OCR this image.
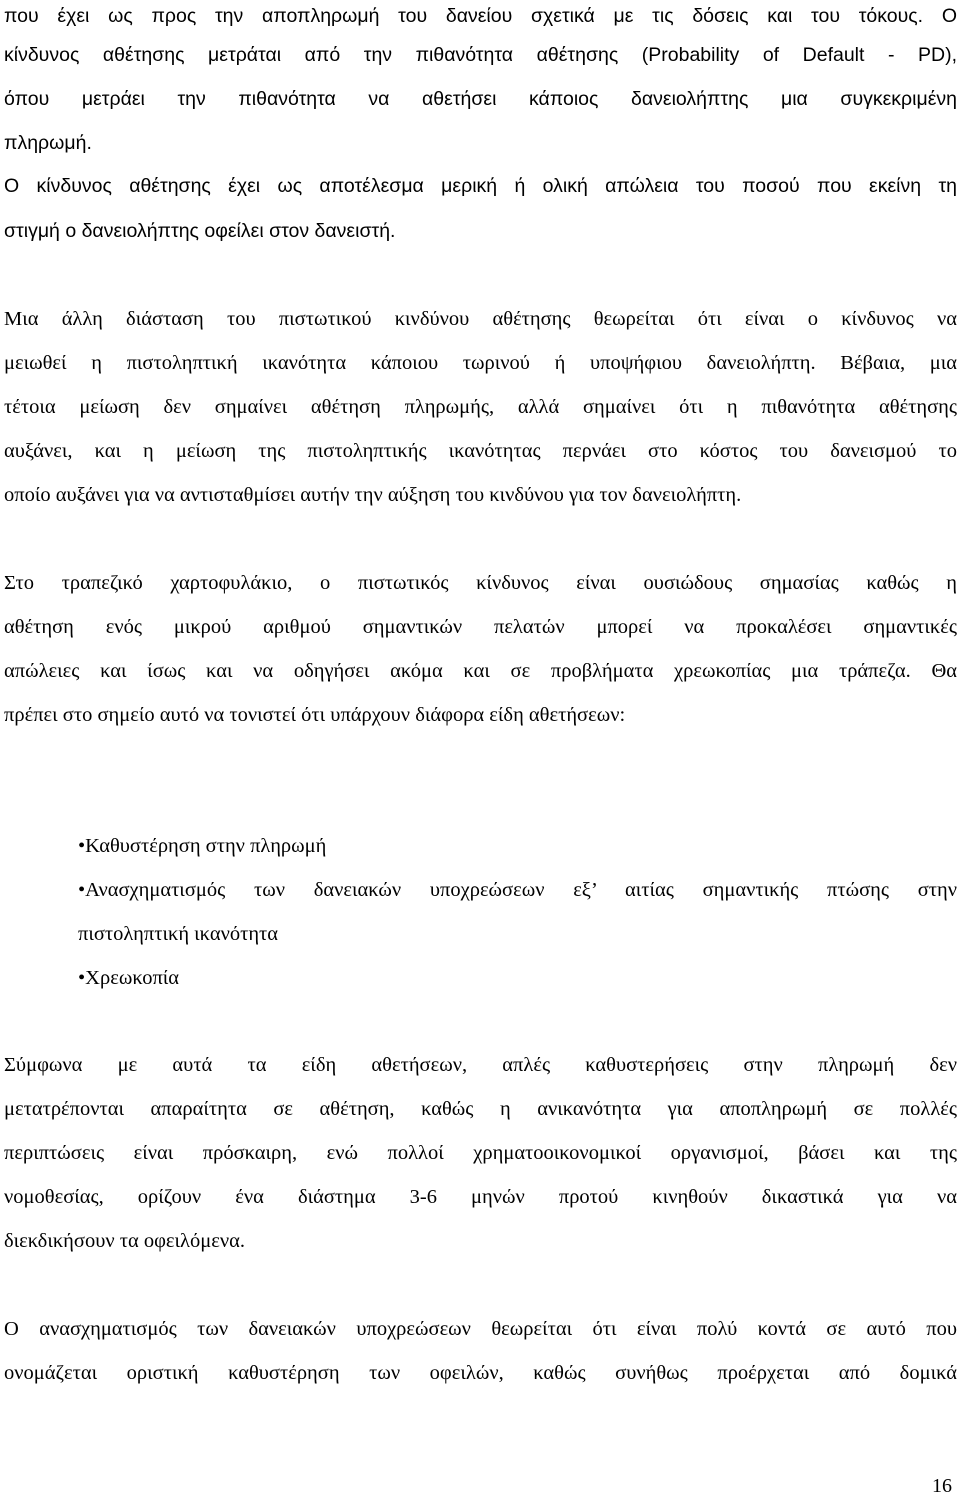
που έχει ως προς την αποπληρωμή του δανείου σχετικά με τις δόσεις και του τόκους. Ο
κίνδυνος αθέτησης μετράται από την πιθανότητα αθέτησης (Probability of Default - PD),
όπου μετράει την πιθανότητα να αθετήσει κάποιος δανειολήπτης μια συγκεκριμένη
πληρωμή.
Ο κίνδυνος αθέτησης έχει ως αποτέλεσμα μερική ή ολική απώλεια του ποσού που εκείνη τη
στιγμή ο δανειολήπτης οφείλει στον δανειστή.
Μια άλλη διάσταση του πιστωτικού κινδύνου αθέτησης θεωρείται ότι είναι ο κίνδυνος να
μειωθεί η πιστοληπτική ικανότητα κάποιου τωρινού ή υποψήφιου δανειολήπτη. Βέβαια, μια
τέτοια μείωση δεν σημαίνει αθέτηση πληρωμής, αλλά σημαίνει ότι η πιθανότητα αθέτησης
αυξάνει, και η μείωση της πιστοληπτικής ικανότητας περνάει στο κόστος του δανεισμού το
οποίο αυξάνει για να αντισταθμίσει αυτήν την αύξηση του κινδύνου για τον δανειολήπτη.
Στο τραπεζικό χαρτοφυλάκιο, ο πιστωτικός κίνδυνος είναι ουσιώδους σημασίας καθώς η
αθέτηση ενός μικρού αριθμού σημαντικών πελατών μπορεί να προκαλέσει σημαντικές
απώλειες και ίσως και να οδηγήσει ακόμα και σε προβλήματα χρεωκοπίας μια τράπεζα. Θα
πρέπει στο σημείο αυτό να τονιστεί ότι υπάρχουν διάφορα είδη αθετήσεων:
•Καθυστέρηση στην πληρωμή
•Ανασχηματισμός των δανειακών υποχρεώσεων εξ’ αιτίας σημαντικής πτώσης στην
πιστοληπτική ικανότητα
•Χρεωκοπία
Σύμφωνα με αυτά τα είδη αθετήσεων, απλές καθυστερήσεις στην πληρωμή δεν
μετατρέπονται απαραίτητα σε αθέτηση, καθώς η ανικανότητα για αποπληρωμή σε πολλές
περιπτώσεις είναι πρόσκαιρη, ενώ πολλοί χρηματοοικονομικοί οργανισμοί, βάσει και της
νομοθεσίας, ορίζουν ένα διάστημα 3-6 μηνών προτού κινηθούν δικαστικά για να
διεκδικήσουν τα οφειλόμενα.
Ο ανασχηματισμός των δανειακών υποχρεώσεων θεωρείται ότι είναι πολύ κοντά σε αυτό που
ονομάζεται οριστική καθυστέρηση των οφειλών, καθώς συνήθως προέρχεται από δομικά
16
